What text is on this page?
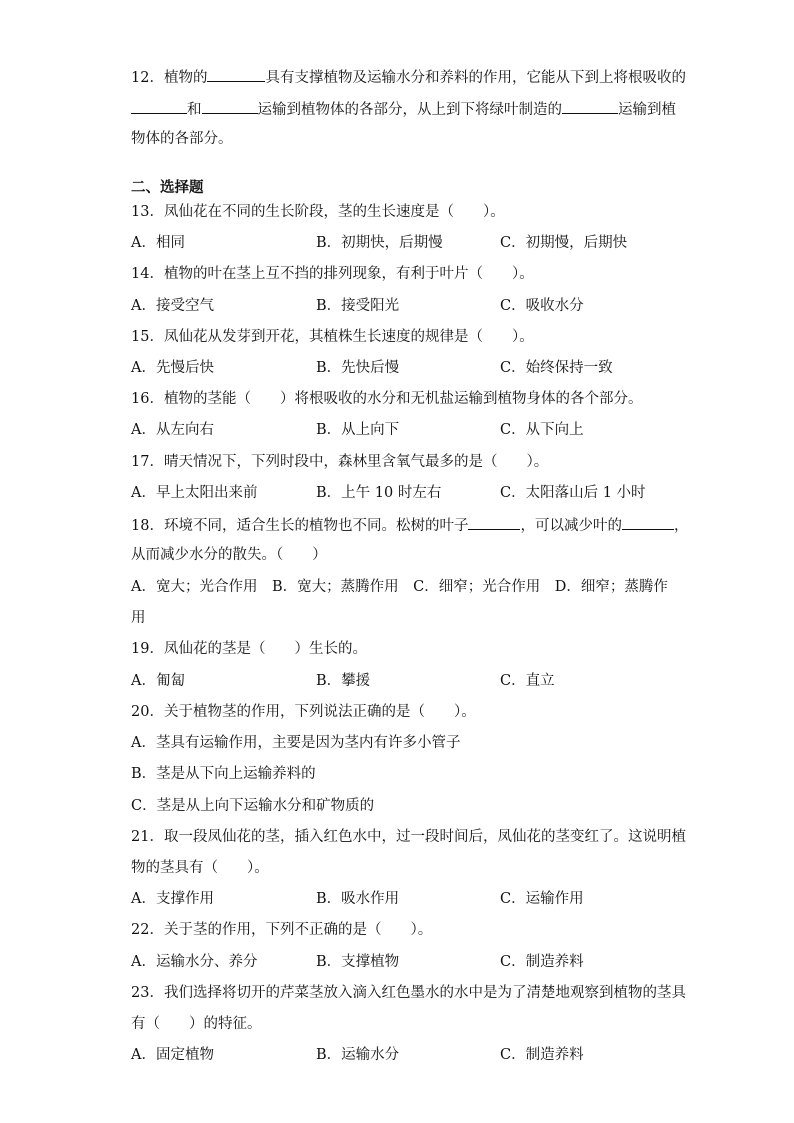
12．植物的	具有支撑植物及运输水分和养料的作用，它能从下到上将根吸收的
和	运输到植物体的各部分，从上到下将绿叶制造的	运输到植
物体的各部分。
二、选择题
13．凤仙花在不同的生长阶段，茎的生长速度是（　　）。
A．相同	B．初期快，后期慢	C．初期慢，后期快
14．植物的叶在茎上互不挡的排列现象，有利于叶片（　　）。
A．接受空气	B．接受阳光	C．吸收水分
15．凤仙花从发芽到开花，其植株生长速度的规律是（　　）。
A．先慢后快	B．先快后慢	C．始终保持一致
16．植物的茎能（　　）将根吸收的水分和无机盐运输到植物身体的各个部分。
A．从左向右	B．从上向下	C．从下向上
17．晴天情况下，下列时段中，森林里含氧气最多的是（　　）。
A．早上太阳出来前	B．上午 10 时左右	C．太阳落山后 1 小时
18．环境不同，适合生长的植物也不同。松树的叶子	，可以减少叶的	，
从而减少水分的散失。（　　）
A．宽大；光合作用　B．宽大；蒸腾作用　C．细窄；光合作用　D．细窄；蒸腾作
用
19．凤仙花的茎是（　　）生长的。
A．匍匐	B．攀援	C．直立
20．关于植物茎的作用，下列说法正确的是（　　）。
A．茎具有运输作用，主要是因为茎内有许多小管子
B．茎是从下向上运输养料的
C．茎是从上向下运输水分和矿物质的
21．取一段凤仙花的茎，插入红色水中，过一段时间后，凤仙花的茎变红了。这说明植
物的茎具有（　　）。
A．支撑作用	B．吸水作用	C．运输作用
22．关于茎的作用，下列不正确的是（　　）。
A．运输水分、养分	B．支撑植物	C．制造养料
23．我们选择将切开的芹菜茎放入滴入红色墨水的水中是为了清楚地观察到植物的茎具
有（　　）的特征。
A．固定植物	B．运输水分	C．制造养料
